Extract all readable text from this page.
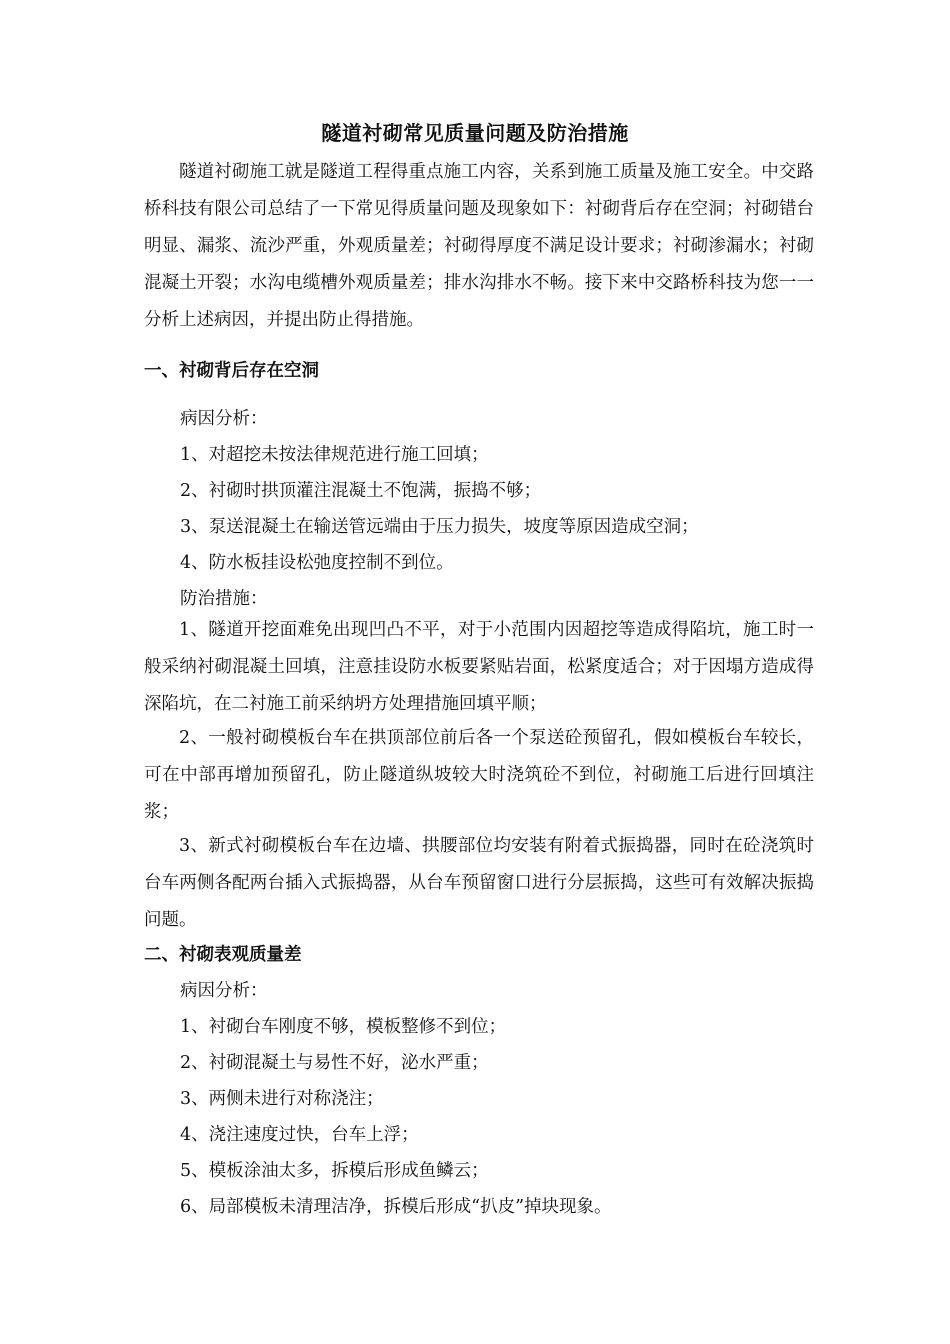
隧道衬砌常见质量问题及防治措施

隧道衬砌施工就是隧道工程得重点施工内容，关系到施工质量及施工安全。中交路桥科技有限公司总结了一下常见得质量问题及现象如下：衬砌背后存在空洞；衬砌错台明显、漏浆、流沙严重，外观质量差；衬砌得厚度不满足设计要求；衬砌渗漏水；衬砌混凝土开裂；水沟电缆槽外观质量差；排水沟排水不畅。接下来中交路桥科技为您一一分析上述病因，并提出防止得措施。

一、衬砌背后存在空洞
病因分析：
1、对超挖未按法律规范进行施工回填；
2、衬砌时拱顶灌注混凝土不饱满，振捣不够；
3、泵送混凝土在输送管远端由于压力损失，坡度等原因造成空洞；
4、防水板挂设松弛度控制不到位。
防治措施：

1、隧道开挖面难免出现凹凸不平，对于小范围内因超挖等造成得陷坑，施工时一般采纳衬砌混凝土回填，注意挂设防水板要紧贴岩面，松紧度适合；对于因塌方造成得深陷坑，在二衬施工前采纳坍方处理措施回填平顺；

2、一般衬砌模板台车在拱顶部位前后各一个泵送砼预留孔，假如模板台车较长，可在中部再增加预留孔，防止隧道纵坡较大时浇筑砼不到位，衬砌施工后进行回填注浆；

3、新式衬砌模板台车在边墙、拱腰部位均安装有附着式振捣器，同时在砼浇筑时台车两侧各配两台插入式振捣器，从台车预留窗口进行分层振捣，这些可有效解决振捣问题。

二、衬砌表观质量差
病因分析：
1、衬砌台车刚度不够，模板整修不到位；
2、衬砌混凝土与易性不好，泌水严重；
3、两侧未进行对称浇注；
4、浇注速度过快，台车上浮；
5、模板涂油太多，拆模后形成鱼鳞云；
6、局部模板未清理洁净，拆模后形成“扒皮”掉块现象。
